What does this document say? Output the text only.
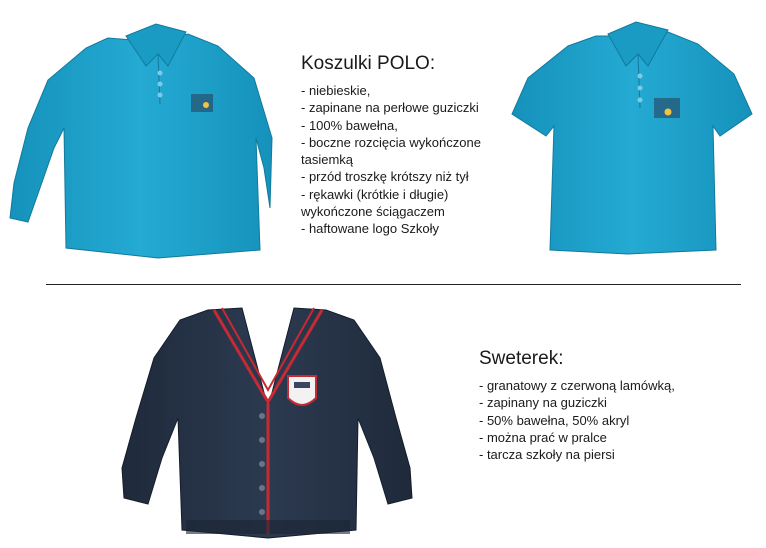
Koszulki POLO:
- niebieskie,
- zapinane na perłowe guziczki
- 100% bawełna,
- boczne rozcięcia wykończone
tasiemką
- przód troszkę krótszy niż tył
- rękawki (krótkie i długie)
wykończone ściągaczem
- haftowane logo Szkoły
Sweterek:
- granatowy z czerwoną lamówką,
- zapinany na guziczki
- 50% bawełna, 50% akryl
- można prać w pralce
- tarcza szkoły na piersi
